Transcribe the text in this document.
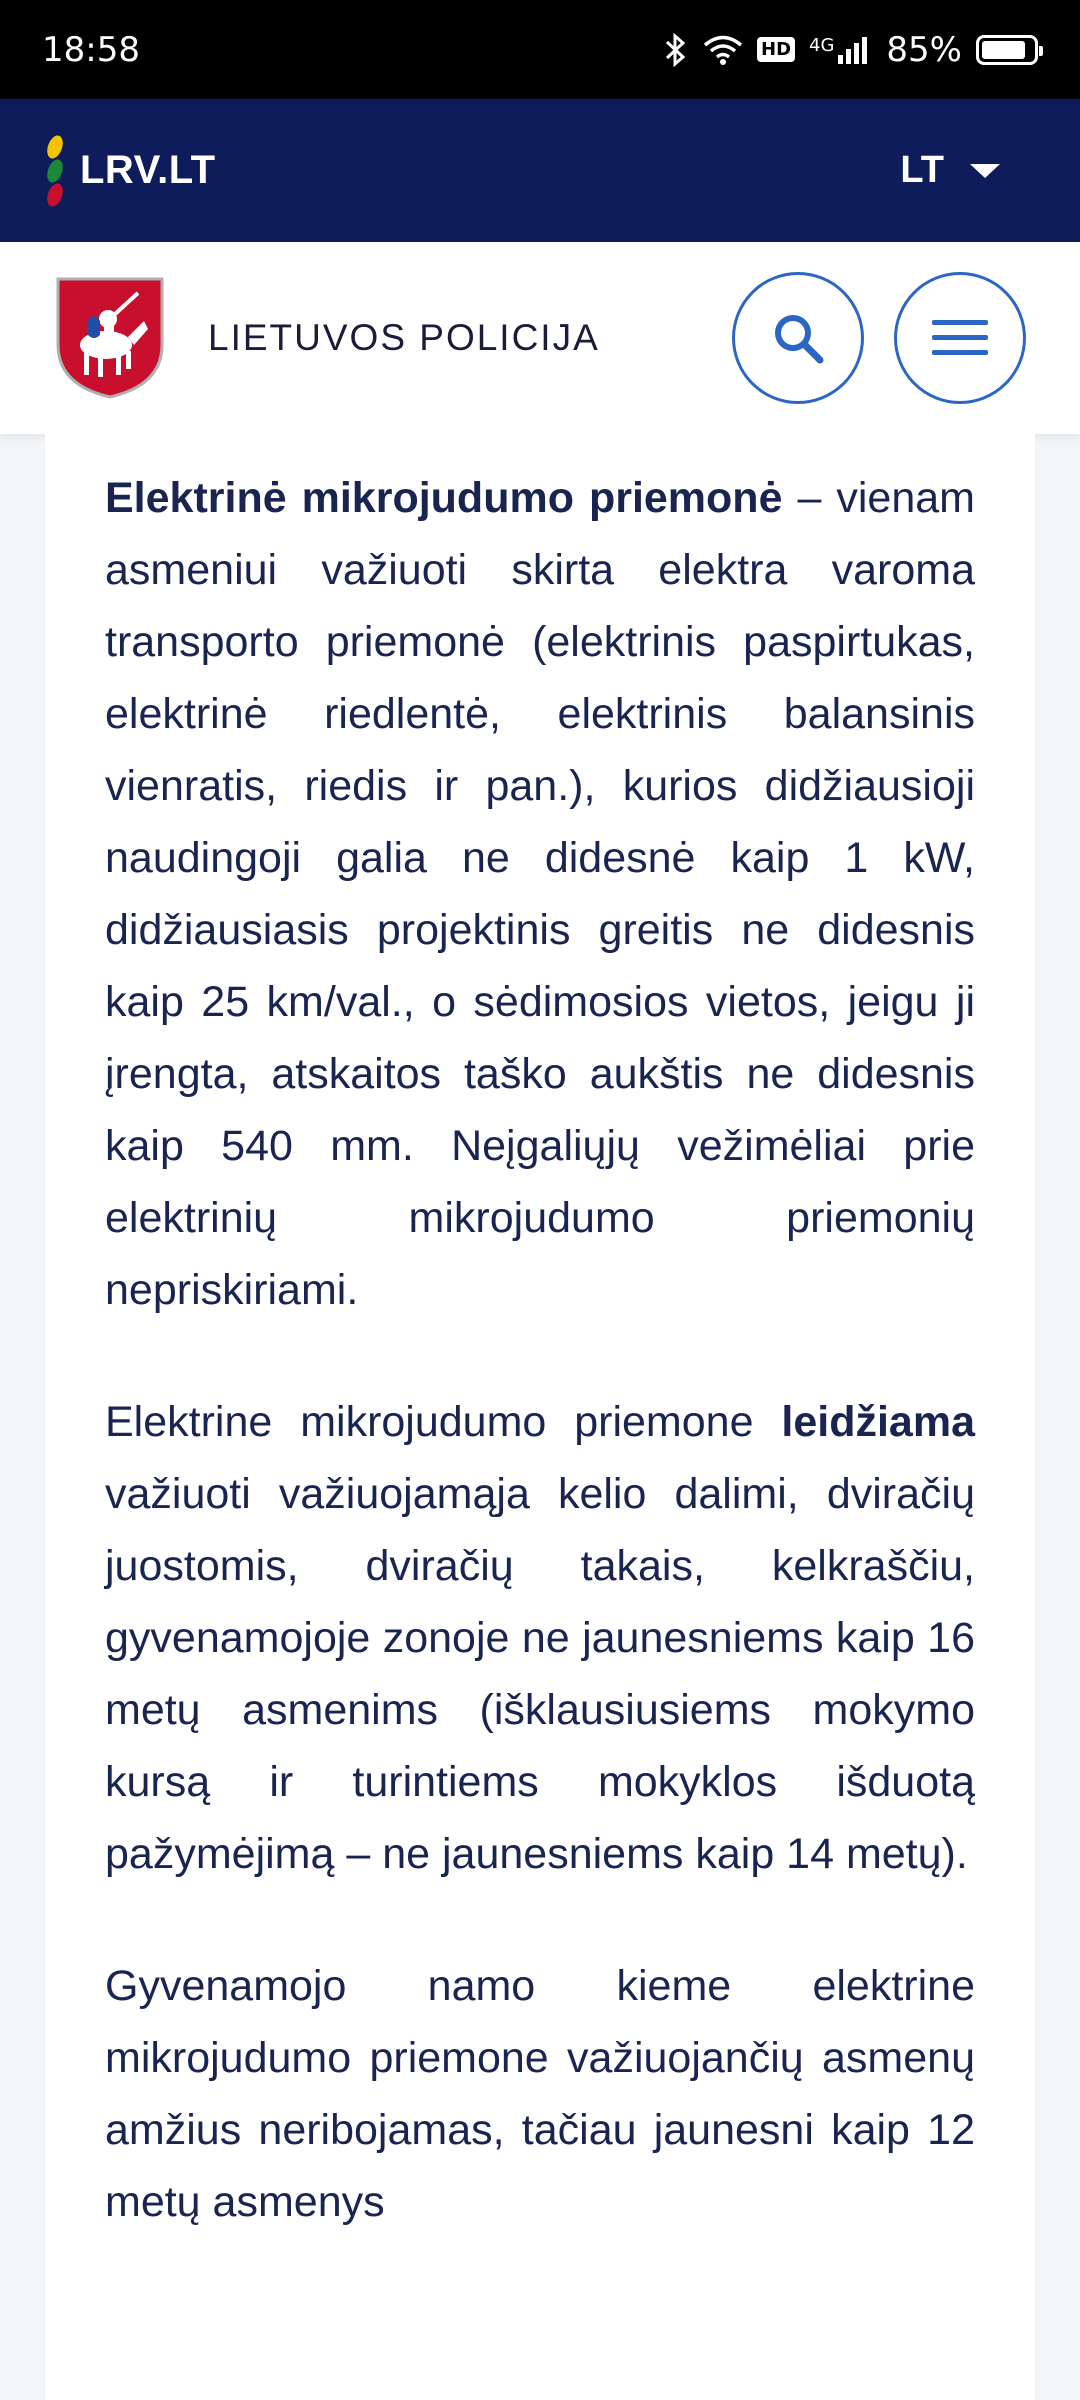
18:58	HD 4G 85%
LRV.LT	LT
LIETUVOS POLICIJA

Elektrinė mikrojudumo priemonė – vienam asmeniui važiuoti skirta elektra varoma transporto priemonė (elektrinis paspirtukas, elektrinė riedlentė, elektrinis balansinis vienratis, riedis ir pan.), kurios didžiausioji naudingoji galia ne didesnė kaip 1 kW, didžiausiasis projektinis greitis ne didesnis kaip 25 km/val., o sėdimosios vietos, jeigu ji įrengta, atskaitos taško aukštis ne didesnis kaip 540 mm. Neįgaliųjų vežimėliai prie elektrinių mikrojudumo priemonių nepriskiriami.

Elektrine mikrojudumo priemone leidžiama važiuoti važiuojamąja kelio dalimi, dviračių juostomis, dviračių takais, kelkraščiu, gyvenamojoje zonoje ne jaunesniems kaip 16 metų asmenims (išklausiusiems mokymo kursą ir turintiems mokyklos išduotą pažymėjimą – ne jaunesniems kaip 14 metų).

Gyvenamojo namo kieme elektrine mikrojudumo priemone važiuojančių asmenų amžius neribojamas, tačiau jaunesni kaip 12 metų asmenys
